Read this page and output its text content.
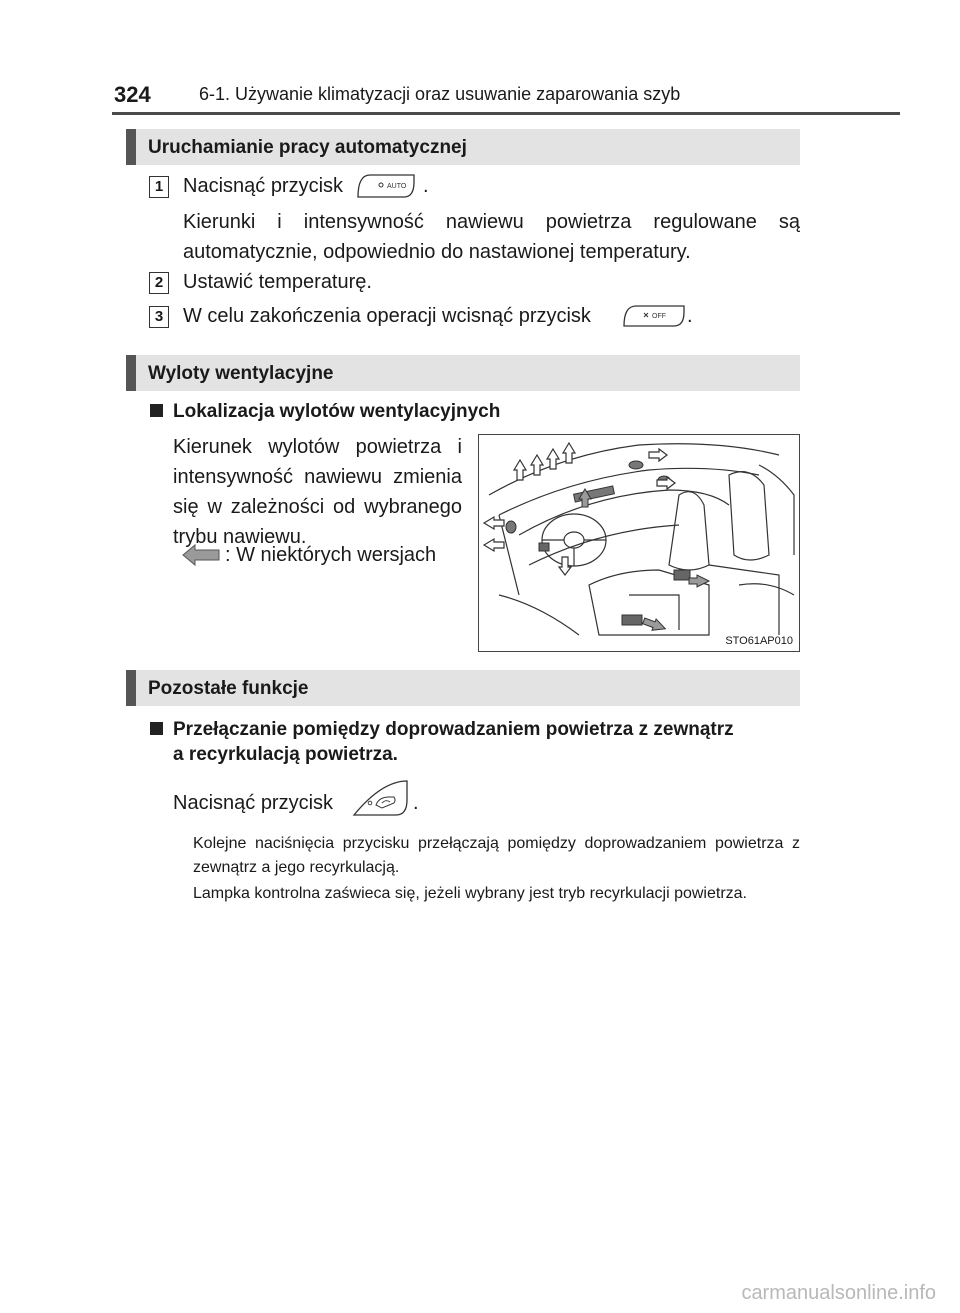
324	6-1. Używanie klimatyzacji oraz usuwanie zaparowania szyb
Uruchamianie pracy automatycznej
1 Nacisnąć przycisk	AUTO .
Kierunki i intensywność nawiewu powietrza regulowane są automatycznie, odpowiednio do nastawionej temperatury.
2 Ustawić temperaturę.
3 W celu zakończenia operacji wcisnąć przycisk	OFF .
Wyloty wentylacyjne
Lokalizacja wylotów wentylacyjnych
Kierunek wylotów powietrza i intensywność nawiewu zmienia się w zależności od wybranego trybu nawiewu.
: W niektórych wersjach
STO61AP010
Pozostałe funkcje
Przełączanie pomiędzy doprowadzaniem powietrza z zewnątrz
a recyrkulacją powietrza.
Nacisnąć przycisk	.
Kolejne naciśnięcia przycisku przełączają pomiędzy doprowadzaniem powietrza z zewnątrz a jego recyrkulacją.
Lampka kontrolna zaświeca się, jeżeli wybrany jest tryb recyrkulacji powietrza.
carmanualsonline.info
